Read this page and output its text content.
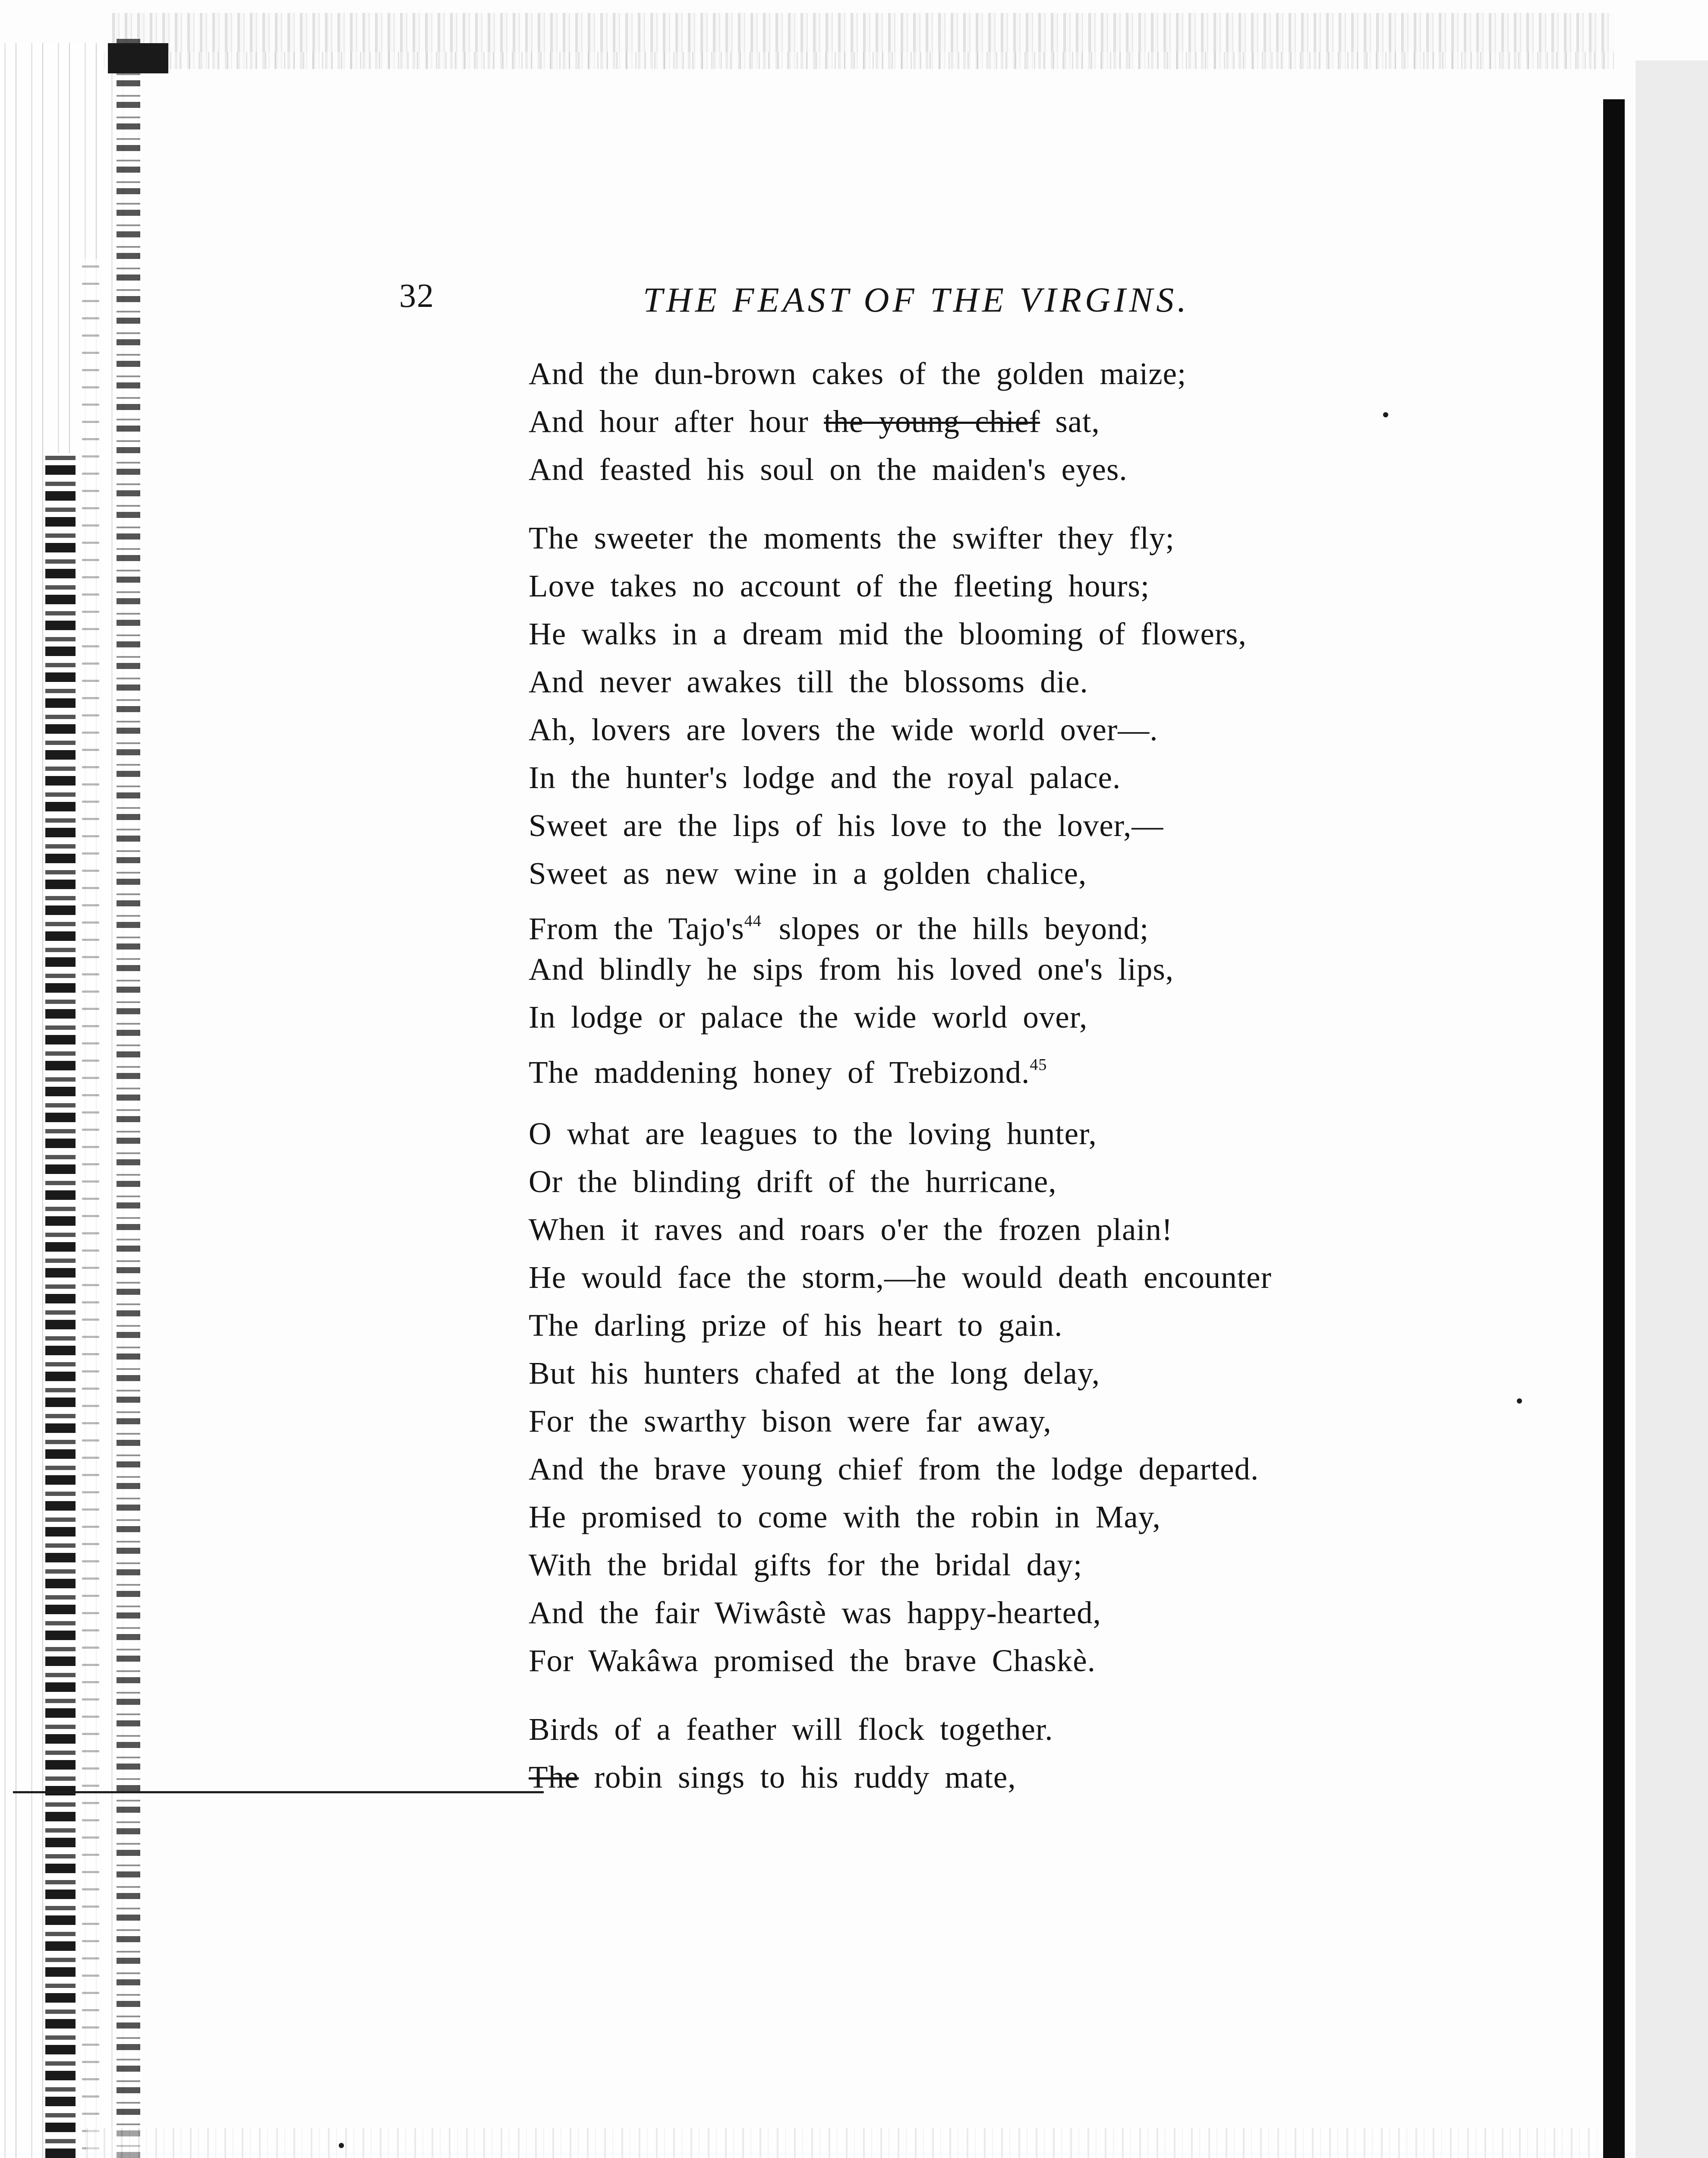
32	THE FEAST OF THE VIRGINS.
And the dun-brown cakes of the golden maize;
And hour after hour the young chief sat,
And feasted his soul on the maiden's eyes.
The sweeter the moments the swifter they fly;
Love takes no account of the fleeting hours;
He walks in a dream mid the blooming of flowers,
And never awakes till the blossoms die.
Ah, lovers are lovers the wide world over—.
In the hunter's lodge and the royal palace.
Sweet are the lips of his love to the lover,—
Sweet as new wine in a golden chalice,
From the $Tajo's^{44}$ slopes or the hills beyond;
And blindly he sips from his loved one's lips,
In lodge or palace the wide world over,
The maddening honey of Trebizond.$^{45}$
O what are leagues to the loving hunter,
Or the blinding drift of the hurricane,
When it raves and roars o'er the frozen plain!
He would face the storm,—he would death encounter
The darling prize of his heart to gain.
But his hunters chafed at the long delay,
For the swarthy bison were far away,
And the brave young chief from the lodge departed.
He promised to come with the robin in May,
With the bridal gifts for the bridal day;
And the fair Wiwâstè was happy-hearted,
For Wakâwa promised the brave Chaskè.
Birds of a feather will flock together.
The robin sings to his ruddy mate,
